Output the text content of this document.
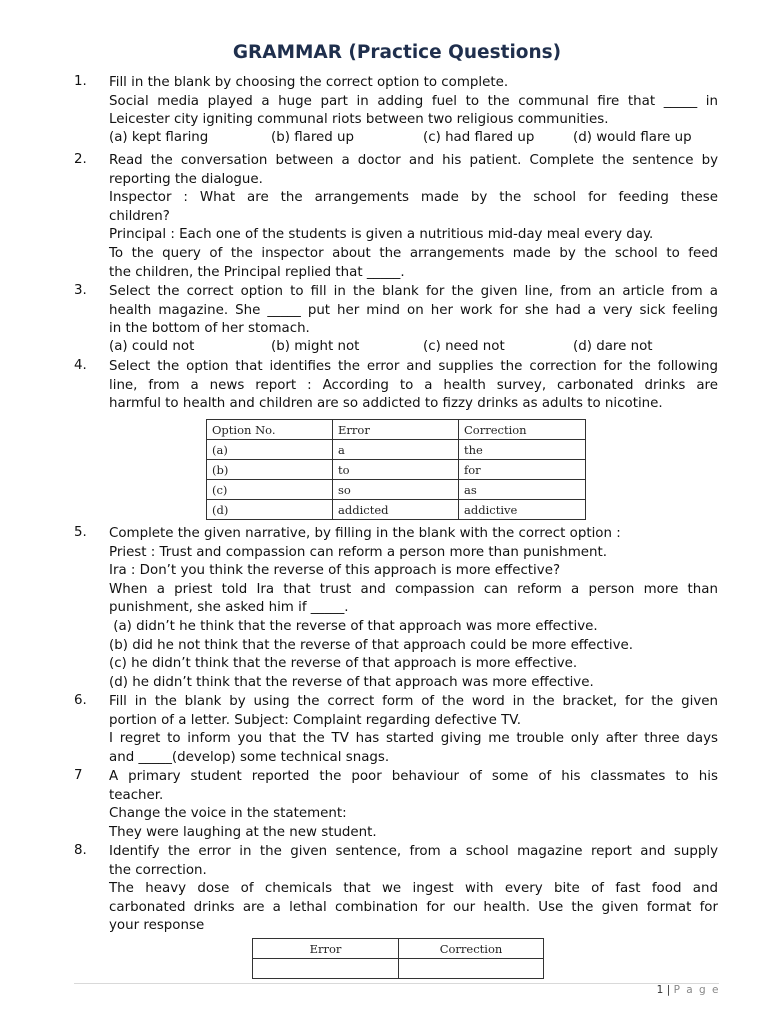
GRAMMAR (Practice Questions)
1. Fill in the blank by choosing the correct option to complete.
Social media played a huge part in adding fuel to the communal fire that _____ in
Leicester city igniting communal riots between two religious communities.
(a) kept flaring	(b) flared up	(c) had flared up	(d) would flare up
2. Read the conversation between a doctor and his patient. Complete the sentence by
reporting the dialogue.
Inspector : What are the arrangements made by the school for feeding these
children?
Principal : Each one of the students is given a nutritious mid-day meal every day.
To the query of the inspector about the arrangements made by the school to feed
the children, the Principal replied that _____.
3. Select the correct option to fill in the blank for the given line, from an article from a
health magazine. She _____ put her mind on her work for she had a very sick feeling
in the bottom of her stomach.
(a) could not	(b) might not	(c) need not	(d) dare not
4. Select the option that identifies the error and supplies the correction for the following
line, from a news report : According to a health survey, carbonated drinks are
harmful to health and children are so addicted to fizzy drinks as adults to nicotine.
Option No.	Error	Correction
(a)	a	the
(b)	to	for
(c)	so	as
(d)	addicted	addictive
5. Complete the given narrative, by filling in the blank with the correct option :
Priest : Trust and compassion can reform a person more than punishment.
Ira : Don’t you think the reverse of this approach is more effective?
When a priest told Ira that trust and compassion can reform a person more than
punishment, she asked him if _____.
(a) didn’t he think that the reverse of that approach was more effective.
(b) did he not think that the reverse of that approach could be more effective.
(c) he didn’t think that the reverse of that approach is more effective.
(d) he didn’t think that the reverse of that approach was more effective.
6. Fill in the blank by using the correct form of the word in the bracket, for the given
portion of a letter. Subject: Complaint regarding defective TV.
I regret to inform you that the TV has started giving me trouble only after three days
and _____(develop) some technical snags.
7 A primary student reported the poor behaviour of some of his classmates to his
teacher.
Change the voice in the statement:
They were laughing at the new student.
8. Identify the error in the given sentence, from a school magazine report and supply
the correction.
The heavy dose of chemicals that we ingest with every bite of fast food and
carbonated drinks are a lethal combination for our health. Use the given format for
your response
Error	Correction

1 | P a g e
